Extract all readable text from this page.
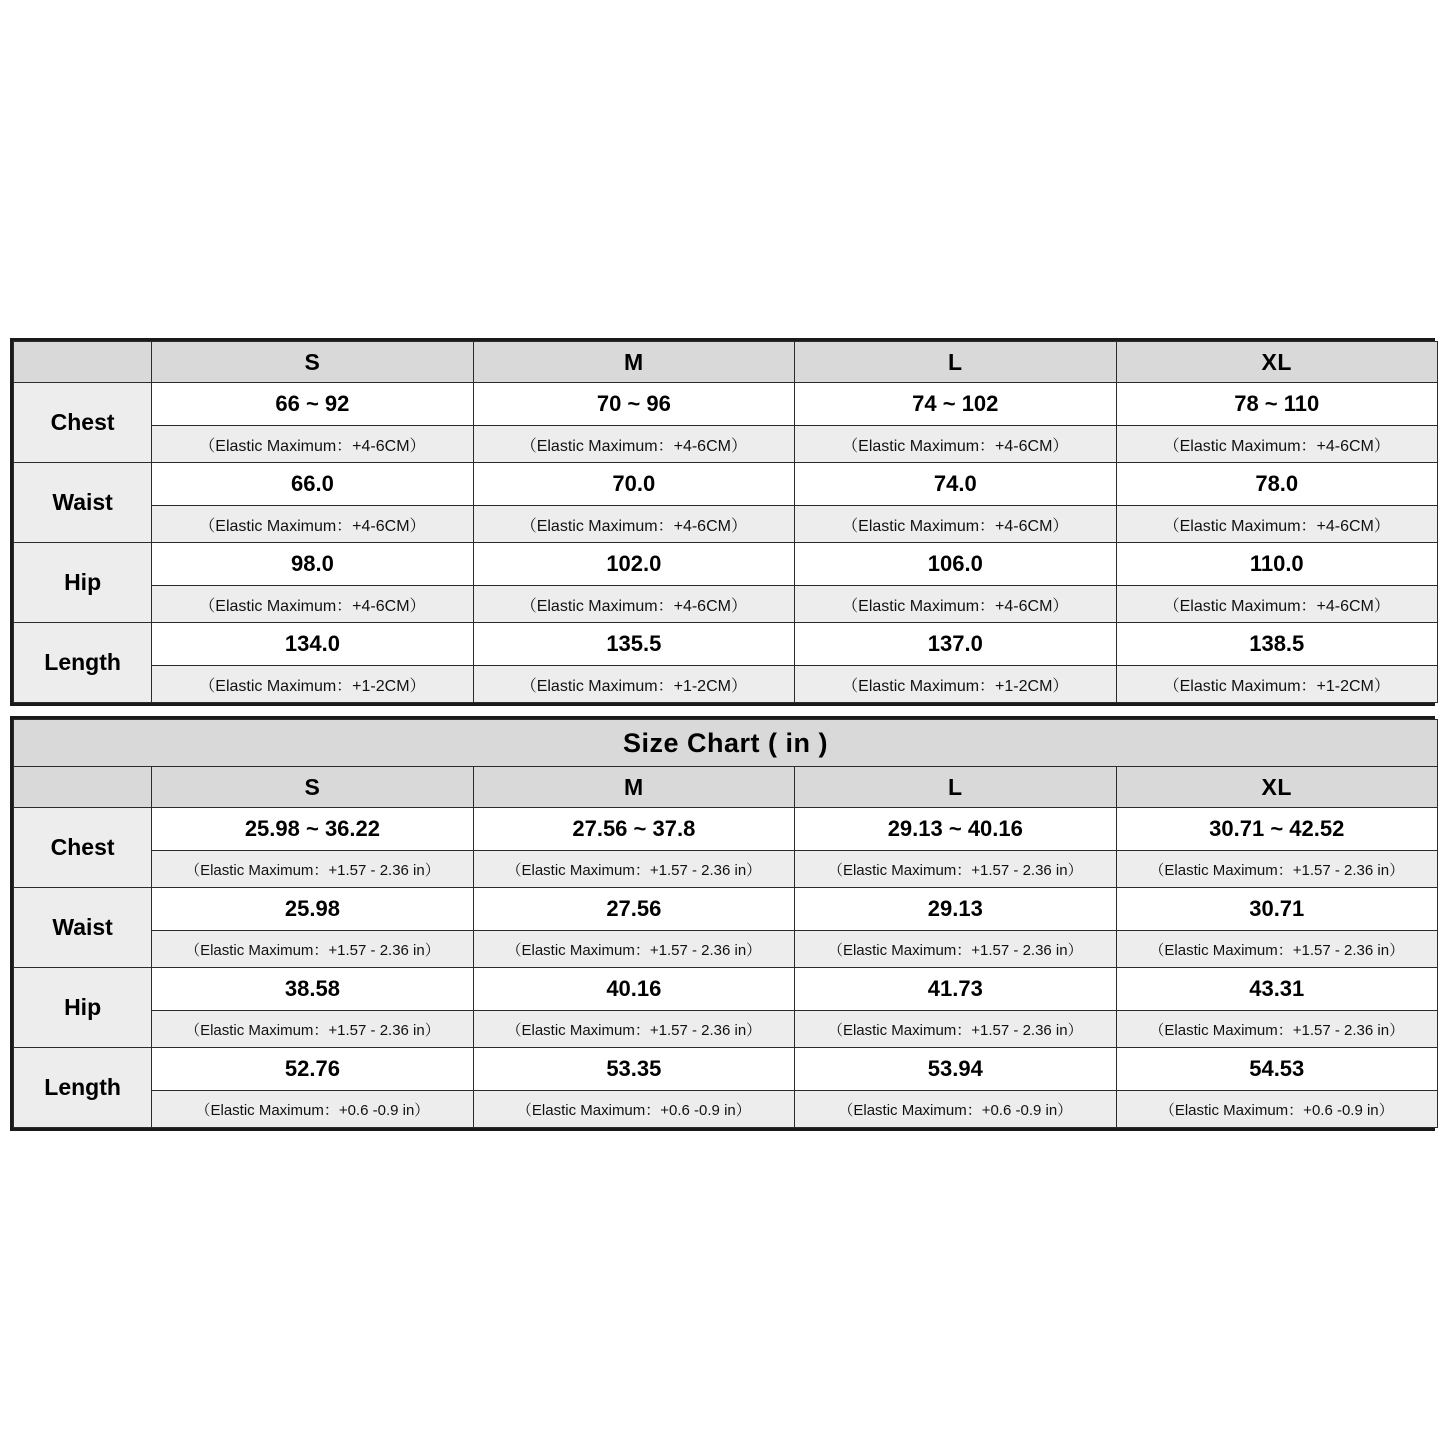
	S	M	L	XL
Chest	66 ~ 92	70 ~ 96	74 ~ 102	78 ~ 110
	（Elastic Maximum：+4-6CM）	（Elastic Maximum：+4-6CM）	（Elastic Maximum：+4-6CM）	（Elastic Maximum：+4-6CM）
Waist	66.0	70.0	74.0	78.0
	（Elastic Maximum：+4-6CM）	（Elastic Maximum：+4-6CM）	（Elastic Maximum：+4-6CM）	（Elastic Maximum：+4-6CM）
Hip	98.0	102.0	106.0	110.0
	（Elastic Maximum：+4-6CM）	（Elastic Maximum：+4-6CM）	（Elastic Maximum：+4-6CM）	（Elastic Maximum：+4-6CM）
Length	134.0	135.5	137.0	138.5
	（Elastic Maximum：+1-2CM）	（Elastic Maximum：+1-2CM）	（Elastic Maximum：+1-2CM）	（Elastic Maximum：+1-2CM）
Size Chart ( in )				
	S	M	L	XL
Chest	25.98 ~ 36.22	27.56 ~ 37.8	29.13 ~ 40.16	30.71 ~ 42.52
	（Elastic Maximum：+1.57 - 2.36 in）	（Elastic Maximum：+1.57 - 2.36 in）	（Elastic Maximum：+1.57 - 2.36 in）	（Elastic Maximum：+1.57 - 2.36 in）
Waist	25.98	27.56	29.13	30.71
	（Elastic Maximum：+1.57 - 2.36 in）	（Elastic Maximum：+1.57 - 2.36 in）	（Elastic Maximum：+1.57 - 2.36 in）	（Elastic Maximum：+1.57 - 2.36 in）
Hip	38.58	40.16	41.73	43.31
	（Elastic Maximum：+1.57 - 2.36 in）	（Elastic Maximum：+1.57 - 2.36 in）	（Elastic Maximum：+1.57 - 2.36 in）	（Elastic Maximum：+1.57 - 2.36 in）
Length	52.76	53.35	53.94	54.53
	（Elastic Maximum：+0.6 -0.9 in）	（Elastic Maximum：+0.6 -0.9 in）	（Elastic Maximum：+0.6 -0.9 in）	（Elastic Maximum：+0.6 -0.9 in）
